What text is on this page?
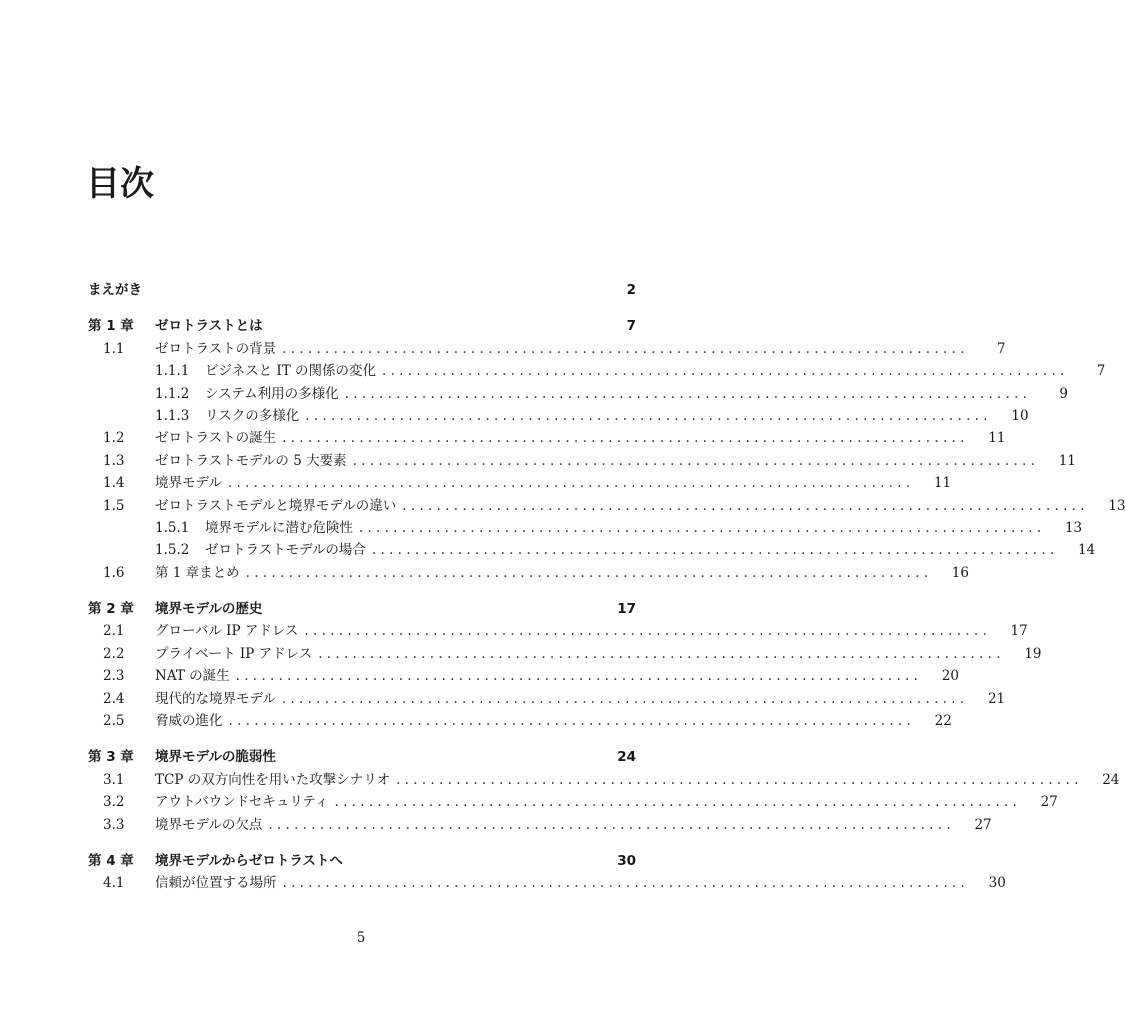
目次
まえがき	2
第 1 章	ゼロトラストとは	7
1.1	ゼロトラストの背景 . . . . . . . . . . . . . . . . . . . . . . . . . . . . . . . . . . . . . . . . . . . . . . . . . . . . . . . . . . . . . . . . . . . . . . . . . . . . . . . .	7
1.1.1	ビジネスと IT の関係の変化 . . . . . . . . . . . . . . . . . . . . . . . . . . . . . . . . . . . . . . . . . . . . . . . . . . . . . . . . . . . . . . . . . . . . . . . . . . . . . . . .	7
1.1.2	システム利用の多様化 . . . . . . . . . . . . . . . . . . . . . . . . . . . . . . . . . . . . . . . . . . . . . . . . . . . . . . . . . . . . . . . . . . . . . . . . . . . . . . . .	9
1.1.3	リスクの多様化 . . . . . . . . . . . . . . . . . . . . . . . . . . . . . . . . . . . . . . . . . . . . . . . . . . . . . . . . . . . . . . . . . . . . . . . . . . . . . . . .	10
1.2	ゼロトラストの誕生 . . . . . . . . . . . . . . . . . . . . . . . . . . . . . . . . . . . . . . . . . . . . . . . . . . . . . . . . . . . . . . . . . . . . . . . . . . . . . . . .	11
1.3	ゼロトラストモデルの 5 大要素 . . . . . . . . . . . . . . . . . . . . . . . . . . . . . . . . . . . . . . . . . . . . . . . . . . . . . . . . . . . . . . . . . . . . . . . . . . . . . . . .	11
1.4	境界モデル . . . . . . . . . . . . . . . . . . . . . . . . . . . . . . . . . . . . . . . . . . . . . . . . . . . . . . . . . . . . . . . . . . . . . . . . . . . . . . . .	11
1.5	ゼロトラストモデルと境界モデルの違い . . . . . . . . . . . . . . . . . . . . . . . . . . . . . . . . . . . . . . . . . . . . . . . . . . . . . . . . . . . . . . . . . . . . . . . . . . . . . . . .	13
1.5.1	境界モデルに潜む危険性 . . . . . . . . . . . . . . . . . . . . . . . . . . . . . . . . . . . . . . . . . . . . . . . . . . . . . . . . . . . . . . . . . . . . . . . . . . . . . . . .	13
1.5.2	ゼロトラストモデルの場合 . . . . . . . . . . . . . . . . . . . . . . . . . . . . . . . . . . . . . . . . . . . . . . . . . . . . . . . . . . . . . . . . . . . . . . . . . . . . . . . .	14
1.6	第 1 章まとめ . . . . . . . . . . . . . . . . . . . . . . . . . . . . . . . . . . . . . . . . . . . . . . . . . . . . . . . . . . . . . . . . . . . . . . . . . . . . . . . .	16
第 2 章	境界モデルの歴史	17
2.1	グローバル IP アドレス . . . . . . . . . . . . . . . . . . . . . . . . . . . . . . . . . . . . . . . . . . . . . . . . . . . . . . . . . . . . . . . . . . . . . . . . . . . . . . . .	17
2.2	プライベート IP アドレス . . . . . . . . . . . . . . . . . . . . . . . . . . . . . . . . . . . . . . . . . . . . . . . . . . . . . . . . . . . . . . . . . . . . . . . . . . . . . . . .	19
2.3	NAT の誕生 . . . . . . . . . . . . . . . . . . . . . . . . . . . . . . . . . . . . . . . . . . . . . . . . . . . . . . . . . . . . . . . . . . . . . . . . . . . . . . . .	20
2.4	現代的な境界モデル . . . . . . . . . . . . . . . . . . . . . . . . . . . . . . . . . . . . . . . . . . . . . . . . . . . . . . . . . . . . . . . . . . . . . . . . . . . . . . . .	21
2.5	脅威の進化 . . . . . . . . . . . . . . . . . . . . . . . . . . . . . . . . . . . . . . . . . . . . . . . . . . . . . . . . . . . . . . . . . . . . . . . . . . . . . . . .	22
第 3 章	境界モデルの脆弱性	24
3.1	TCP の双方向性を用いた攻撃シナリオ . . . . . . . . . . . . . . . . . . . . . . . . . . . . . . . . . . . . . . . . . . . . . . . . . . . . . . . . . . . . . . . . . . . . . . . . . . . . . . . .	24
3.2	アウトバウンドセキュリティ . . . . . . . . . . . . . . . . . . . . . . . . . . . . . . . . . . . . . . . . . . . . . . . . . . . . . . . . . . . . . . . . . . . . . . . . . . . . . . . .	27
3.3	境界モデルの欠点 . . . . . . . . . . . . . . . . . . . . . . . . . . . . . . . . . . . . . . . . . . . . . . . . . . . . . . . . . . . . . . . . . . . . . . . . . . . . . . . .	27
第 4 章	境界モデルからゼロトラストへ	30
4.1	信頼が位置する場所 . . . . . . . . . . . . . . . . . . . . . . . . . . . . . . . . . . . . . . . . . . . . . . . . . . . . . . . . . . . . . . . . . . . . . . . . . . . . . . . .	30
5
